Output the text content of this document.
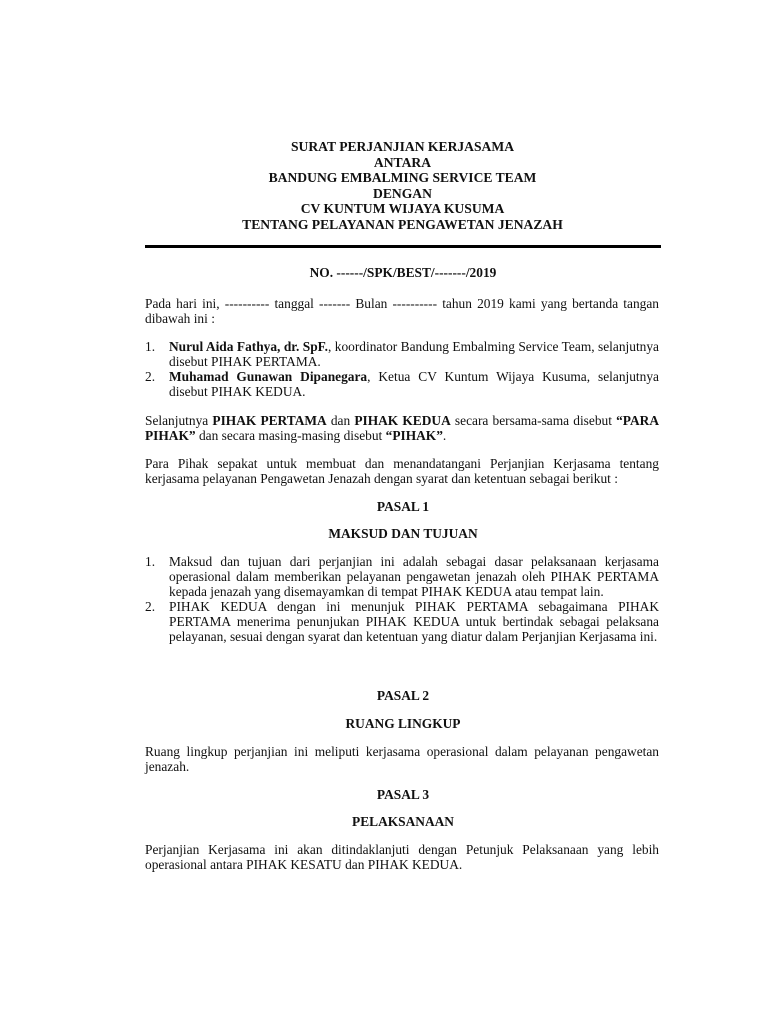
SURAT PERJANJIAN KERJASAMA
ANTARA
BANDUNG EMBALMING SERVICE TEAM
DENGAN
CV KUNTUM WIJAYA KUSUMA
TENTANG PELAYANAN PENGAWETAN JENAZAH
NO. ------/SPK/BEST/-------/2019
Pada hari ini, ---------- tanggal ------- Bulan ---------- tahun 2019 kami yang bertanda tangan dibawah ini :
1. Nurul Aida Fathya, dr. SpF., koordinator Bandung Embalming Service Team, selanjutnya disebut PIHAK PERTAMA.
2. Muhamad Gunawan Dipanegara, Ketua CV Kuntum Wijaya Kusuma, selanjutnya disebut PIHAK KEDUA.
Selanjutnya PIHAK PERTAMA dan PIHAK KEDUA secara bersama-sama disebut “PARA PIHAK” dan secara masing-masing disebut “PIHAK”.
Para Pihak sepakat untuk membuat dan menandatangani Perjanjian Kerjasama tentang kerjasama pelayanan Pengawetan Jenazah dengan syarat dan ketentuan sebagai berikut :
PASAL 1
MAKSUD DAN TUJUAN
1. Maksud dan tujuan dari perjanjian ini adalah sebagai dasar pelaksanaan kerjasama operasional dalam memberikan pelayanan pengawetan jenazah oleh PIHAK PERTAMA kepada jenazah yang disemayamkan di tempat PIHAK KEDUA atau tempat lain.
2. PIHAK KEDUA dengan ini menunjuk PIHAK PERTAMA sebagaimana PIHAK PERTAMA menerima penunjukan PIHAK KEDUA untuk bertindak sebagai pelaksana pelayanan, sesuai dengan syarat dan ketentuan yang diatur dalam Perjanjian Kerjasama ini.
PASAL 2
RUANG LINGKUP
Ruang lingkup perjanjian ini meliputi kerjasama operasional dalam pelayanan pengawetan jenazah.
PASAL 3
PELAKSANAAN
Perjanjian Kerjasama ini akan ditindaklanjuti dengan Petunjuk Pelaksanaan yang lebih operasional antara PIHAK KESATU dan PIHAK KEDUA.
